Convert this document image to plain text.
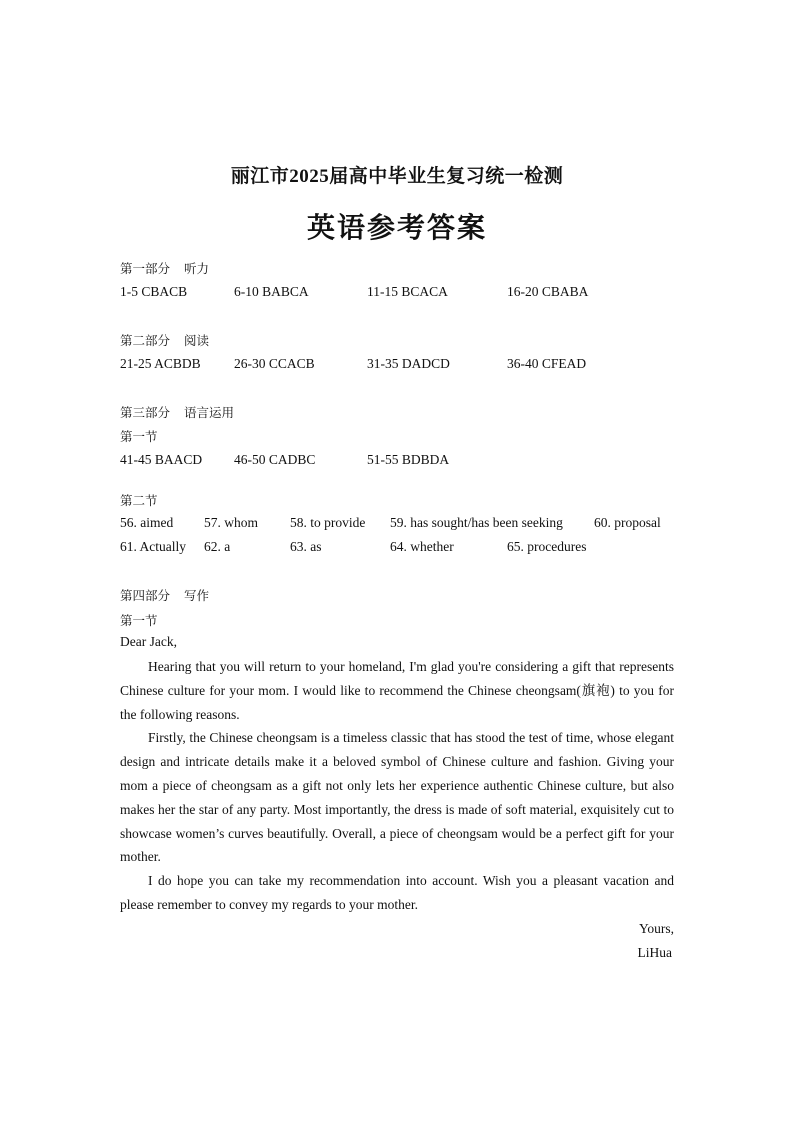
丽江市2025届高中毕业生复习统一检测
英语参考答案
第一部分 听力
1-5 CBACB	6-10 BABCA	11-15 BCACA	16-20 CBABA
第二部分 阅读
21-25 ACBDB 26-30 CCACB	31-35 DADCD	36-40 CFEAD
第三部分 语言运用
第一节
41-45 BAACD 46-50 CADBC	51-55 BDBDA
第二节
56. aimed 57. whom 58. to provide 59. has sought/has been seeking 60. proposal
61. Actually 62. a	63. as	64. whether	65. procedures
第四部分 写作
第一节
Dear Jack,

Hearing that you will return to your homeland, I'm glad you're considering a gift that represents Chinese culture for your mom. I would like to recommend the Chinese cheongsam(旗袍) to you for the following reasons.

Firstly, the Chinese cheongsam is a timeless classic that has stood the test of time, whose elegant design and intricate details make it a beloved symbol of Chinese culture and fashion. Giving your mom a piece of cheongsam as a gift not only lets her experience authentic Chinese culture, but also makes her the star of any party. Most importantly, the dress is made of soft material, exquisitely cut to showcase women’s curves beautifully. Overall, a piece of cheongsam would be a perfect gift for your mother.

I do hope you can take my recommendation into account. Wish you a pleasant vacation and please remember to convey my regards to your mother.

Yours,
LiHua
